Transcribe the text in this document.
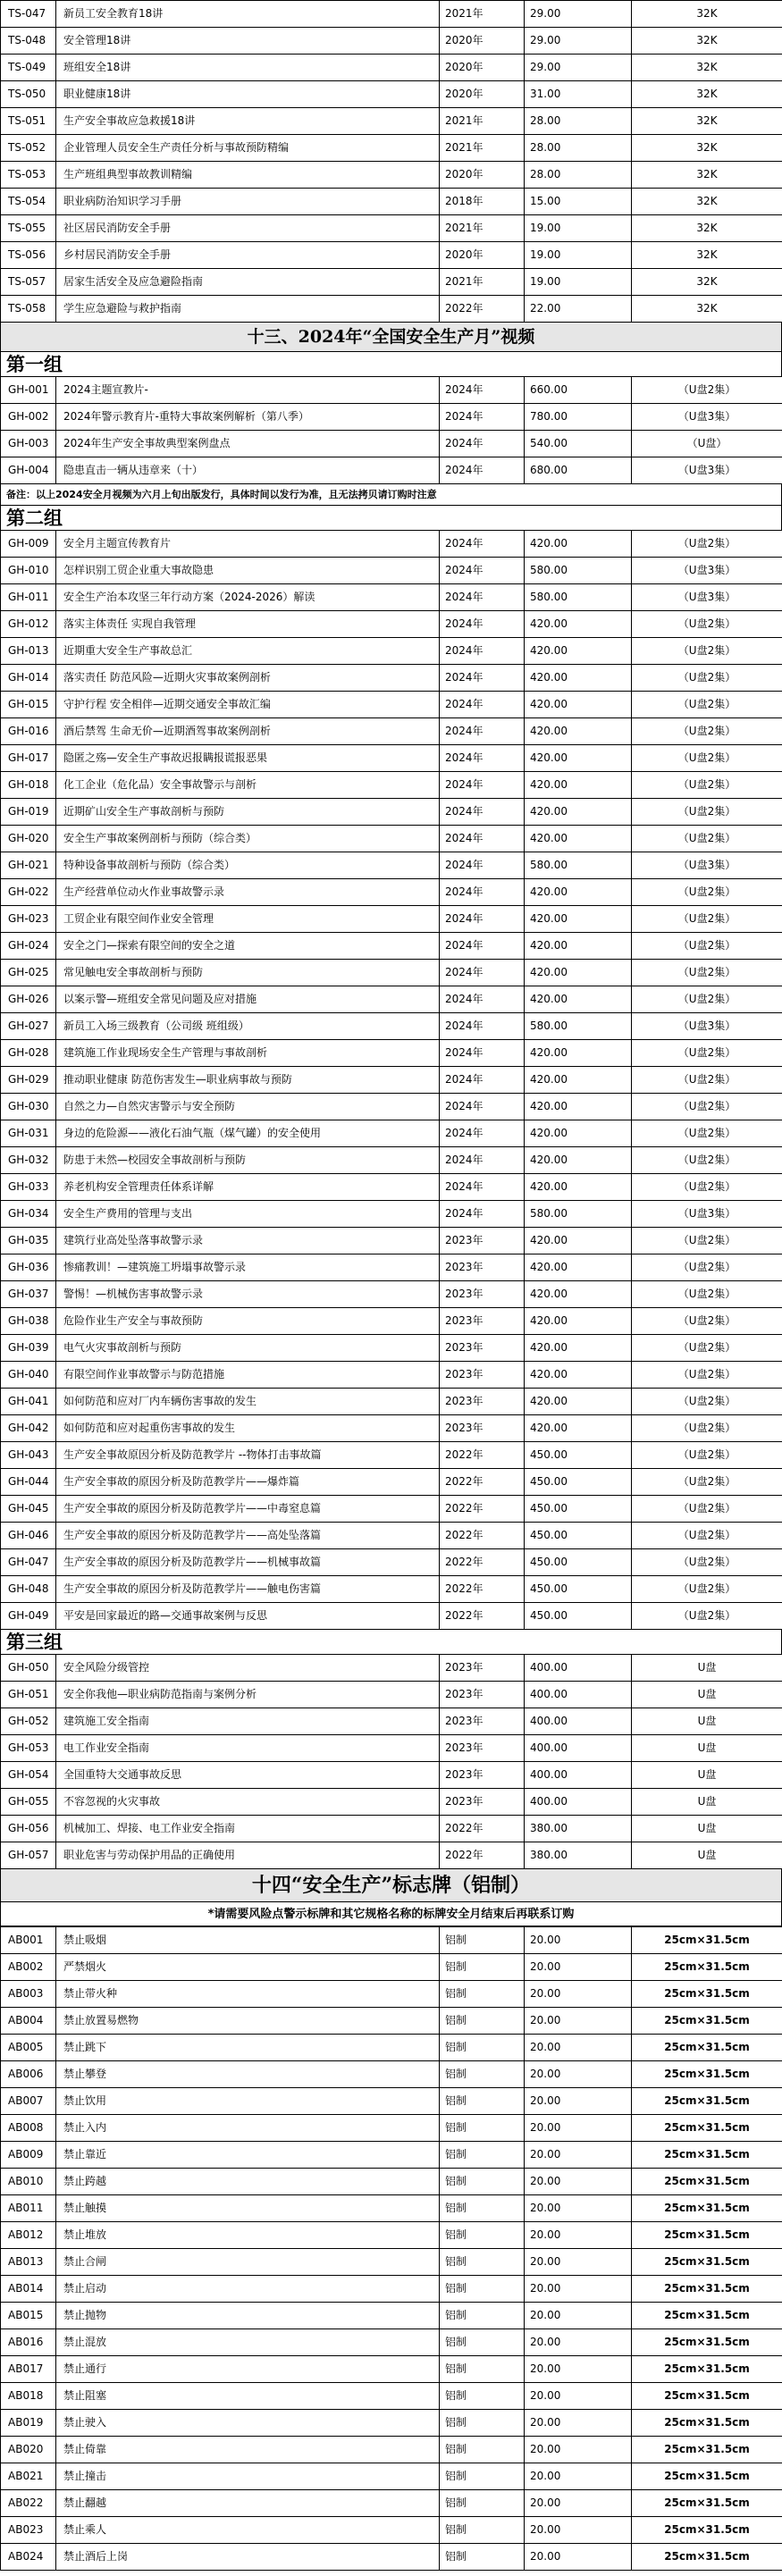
TS-047	新员工安全教育18讲	2021年	29.00	32K
TS-048	安全管理18讲	2020年	29.00	32K
TS-049	班组安全18讲	2020年	29.00	32K
TS-050	职业健康18讲	2020年	31.00	32K
TS-051	生产安全事故应急救援18讲	2021年	28.00	32K
TS-052	企业管理人员安全生产责任分析与事故预防精编	2021年	28.00	32K
TS-053	生产班组典型事故教训精编	2020年	28.00	32K
TS-054	职业病防治知识学习手册	2018年	15.00	32K
TS-055	社区居民消防安全手册	2021年	19.00	32K
TS-056	乡村居民消防安全手册	2020年	19.00	32K
TS-057	居家生活安全及应急避险指南	2021年	19.00	32K
TS-058	学生应急避险与救护指南	2022年	22.00	32K
十三、2024年“全国安全生产月”视频
第一组
GH-001	2024主题宣教片-	2024年	660.00	（U盘2集）
GH-002	2024年警示教育片-重特大事故案例解析（第八季）	2024年	780.00	（U盘3集）
GH-003	2024年生产安全事故典型案例盘点	2024年	540.00	（U盘）
GH-004	隐患直击一辆从违章来（十）	2024年	680.00	（U盘3集）
备注：以上2024安全月视频为六月上旬出版发行，具体时间以发行为准，且无法拷贝请订购时注意
第二组
GH-009	安全月主题宣传教育片	2024年	420.00	（U盘2集）
GH-010	怎样识别工贸企业重大事故隐患	2024年	580.00	（U盘3集）
GH-011	安全生产治本攻坚三年行动方案（2024-2026）解读	2024年	580.00	（U盘3集）
GH-012	落实主体责任 实现自我管理	2024年	420.00	（U盘2集）
GH-013	近期重大安全生产事故总汇	2024年	420.00	（U盘2集）
GH-014	落实责任 防范风险—近期火灾事故案例剖析	2024年	420.00	（U盘2集）
GH-015	守护行程 安全相伴—近期交通安全事故汇编	2024年	420.00	（U盘2集）
GH-016	酒后禁驾 生命无价—近期酒驾事故案例剖析	2024年	420.00	（U盘2集）
GH-017	隐匿之殇—安全生产事故迟报瞒报谎报恶果	2024年	420.00	（U盘2集）
GH-018	化工企业（危化品）安全事故警示与剖析	2024年	420.00	（U盘2集）
GH-019	近期矿山安全生产事故剖析与预防	2024年	420.00	（U盘2集）
GH-020	安全生产事故案例剖析与预防（综合类）	2024年	420.00	（U盘2集）
GH-021	特种设备事故剖析与预防（综合类）	2024年	580.00	（U盘3集）
GH-022	生产经营单位动火作业事故警示录	2024年	420.00	（U盘2集）
GH-023	工贸企业有限空间作业安全管理	2024年	420.00	（U盘2集）
GH-024	安全之门—探索有限空间的安全之道	2024年	420.00	（U盘2集）
GH-025	常见触电安全事故剖析与预防	2024年	420.00	（U盘2集）
GH-026	以案示警—班组安全常见问题及应对措施	2024年	420.00	（U盘2集）
GH-027	新员工入场三级教育（公司级 班组级）	2024年	580.00	（U盘3集）
GH-028	建筑施工作业现场安全生产管理与事故剖析	2024年	420.00	（U盘2集）
GH-029	推动职业健康 防范伤害发生—职业病事故与预防	2024年	420.00	（U盘2集）
GH-030	自然之力—自然灾害警示与安全预防	2024年	420.00	（U盘2集）
GH-031	身边的危险源——液化石油气瓶（煤气罐）的安全使用	2024年	420.00	（U盘2集）
GH-032	防患于未然—校园安全事故剖析与预防	2024年	420.00	（U盘2集）
GH-033	养老机构安全管理责任体系详解	2024年	420.00	（U盘2集）
GH-034	安全生产费用的管理与支出	2024年	580.00	（U盘3集）
GH-035	建筑行业高处坠落事故警示录	2023年	420.00	（U盘2集）
GH-036	惨痛教训！—建筑施工坍塌事故警示录	2023年	420.00	（U盘2集）
GH-037	警惕！—机械伤害事故警示录	2023年	420.00	（U盘2集）
GH-038	危险作业生产安全与事故预防	2023年	420.00	（U盘2集）
GH-039	电气火灾事故剖析与预防	2023年	420.00	（U盘2集）
GH-040	有限空间作业事故警示与防范措施	2023年	420.00	（U盘2集）
GH-041	如何防范和应对厂内车辆伤害事故的发生	2023年	420.00	（U盘2集）
GH-042	如何防范和应对起重伤害事故的发生	2023年	420.00	（U盘2集）
GH-043	生产安全事故原因分析及防范教学片 --物体打击事故篇	2022年	450.00	（U盘2集）
GH-044	生产安全事故的原因分析及防范教学片——爆炸篇	2022年	450.00	（U盘2集）
GH-045	生产安全事故的原因分析及防范教学片——中毒窒息篇	2022年	450.00	（U盘2集）
GH-046	生产安全事故的原因分析及防范教学片——高处坠落篇	2022年	450.00	（U盘2集）
GH-047	生产安全事故的原因分析及防范教学片——机械事故篇	2022年	450.00	（U盘2集）
GH-048	生产安全事故的原因分析及防范教学片——触电伤害篇	2022年	450.00	（U盘2集）
GH-049	平安是回家最近的路—交通事故案例与反思	2022年	450.00	（U盘2集）
第三组
GH-050	安全风险分级管控	2023年	400.00	U盘
GH-051	安全你我他—职业病防范指南与案例分析	2023年	400.00	U盘
GH-052	建筑施工安全指南	2023年	400.00	U盘
GH-053	电工作业安全指南	2023年	400.00	U盘
GH-054	全国重特大交通事故反思	2023年	400.00	U盘
GH-055	不容忽视的火灾事故	2023年	400.00	U盘
GH-056	机械加工、焊接、电工作业安全指南	2022年	380.00	U盘
GH-057	职业危害与劳动保护用品的正确使用	2022年	380.00	U盘
十四“安全生产”标志牌（铝制）
*请需要风险点警示标牌和其它规格名称的标牌安全月结束后再联系订购
AB001	禁止吸烟	铝制	20.00	25cm×31.5cm
AB002	严禁烟火	铝制	20.00	25cm×31.5cm
AB003	禁止带火种	铝制	20.00	25cm×31.5cm
AB004	禁止放置易燃物	铝制	20.00	25cm×31.5cm
AB005	禁止跳下	铝制	20.00	25cm×31.5cm
AB006	禁止攀登	铝制	20.00	25cm×31.5cm
AB007	禁止饮用	铝制	20.00	25cm×31.5cm
AB008	禁止入内	铝制	20.00	25cm×31.5cm
AB009	禁止靠近	铝制	20.00	25cm×31.5cm
AB010	禁止跨越	铝制	20.00	25cm×31.5cm
AB011	禁止触摸	铝制	20.00	25cm×31.5cm
AB012	禁止堆放	铝制	20.00	25cm×31.5cm
AB013	禁止合闸	铝制	20.00	25cm×31.5cm
AB014	禁止启动	铝制	20.00	25cm×31.5cm
AB015	禁止抛物	铝制	20.00	25cm×31.5cm
AB016	禁止混放	铝制	20.00	25cm×31.5cm
AB017	禁止通行	铝制	20.00	25cm×31.5cm
AB018	禁止阻塞	铝制	20.00	25cm×31.5cm
AB019	禁止驶入	铝制	20.00	25cm×31.5cm
AB020	禁止倚靠	铝制	20.00	25cm×31.5cm
AB021	禁止撞击	铝制	20.00	25cm×31.5cm
AB022	禁止翻越	铝制	20.00	25cm×31.5cm
AB023	禁止乘人	铝制	20.00	25cm×31.5cm
AB024	禁止酒后上岗	铝制	20.00	25cm×31.5cm
